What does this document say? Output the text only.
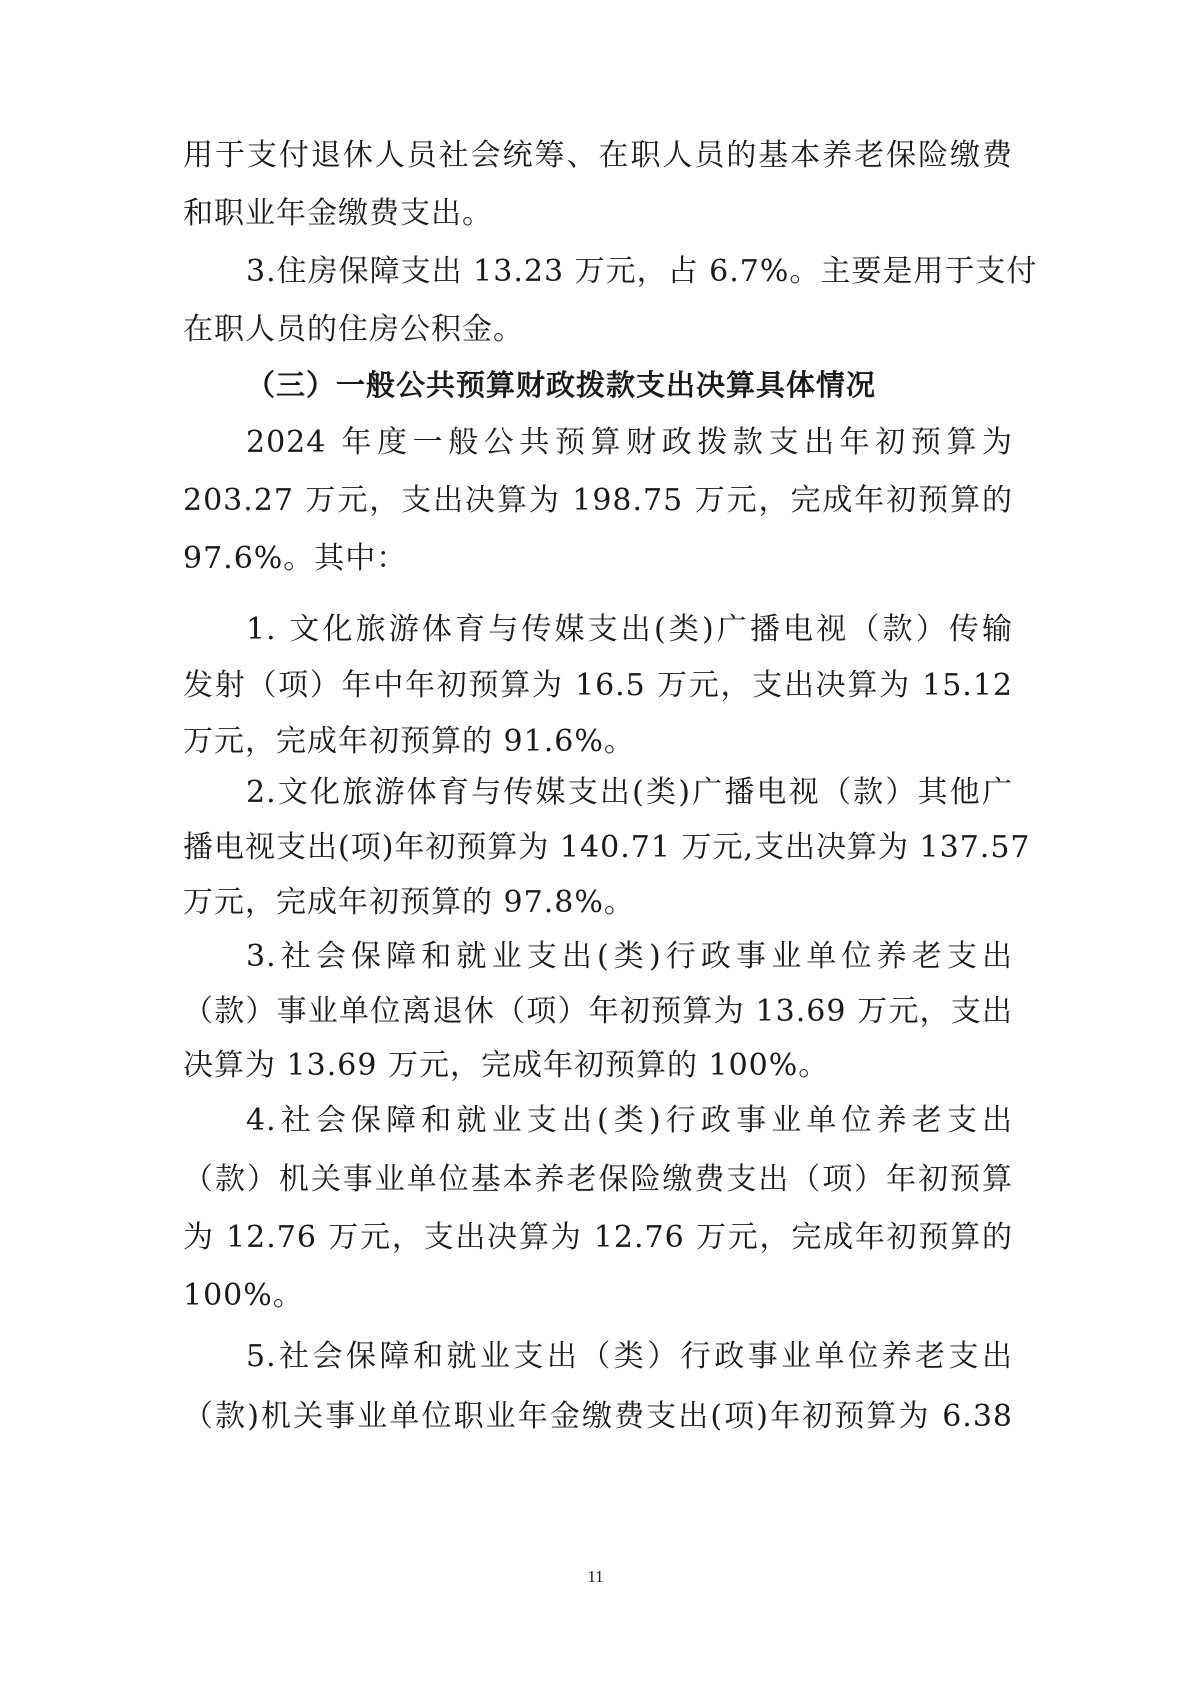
用于支付退休人员社会统筹、在职人员的基本养老保险缴费
和职业年金缴费支出。
3.住房保障支出 13.23 万元，占 6.7%。主要是用于支付
在职人员的住房公积金。
（三）一般公共预算财政拨款支出决算具体情况
2024 年度一般公共预算财政拨款支出年初预算为
203.27 万元，支出决算为 198.75 万元，完成年初预算的
97.6%。其中：
1. 文化旅游体育与传媒支出(类)广播电视（款）传输
发射（项）年中年初预算为 16.5 万元，支出决算为 15.12
万元，完成年初预算的 91.6%。
2.文化旅游体育与传媒支出(类)广播电视（款）其他广
播电视支出(项)年初预算为 140.71 万元,支出决算为 137.57
万元，完成年初预算的 97.8%。
3.社会保障和就业支出(类)行政事业单位养老支出
（款）事业单位离退休（项）年初预算为 13.69 万元，支出
决算为 13.69 万元，完成年初预算的 100%。
4.社会保障和就业支出(类)行政事业单位养老支出
（款）机关事业单位基本养老保险缴费支出（项）年初预算
为 12.76 万元，支出决算为 12.76 万元，完成年初预算的
100%。
5.社会保障和就业支出（类）行政事业单位养老支出
（款)机关事业单位职业年金缴费支出(项)年初预算为 6.38
11
